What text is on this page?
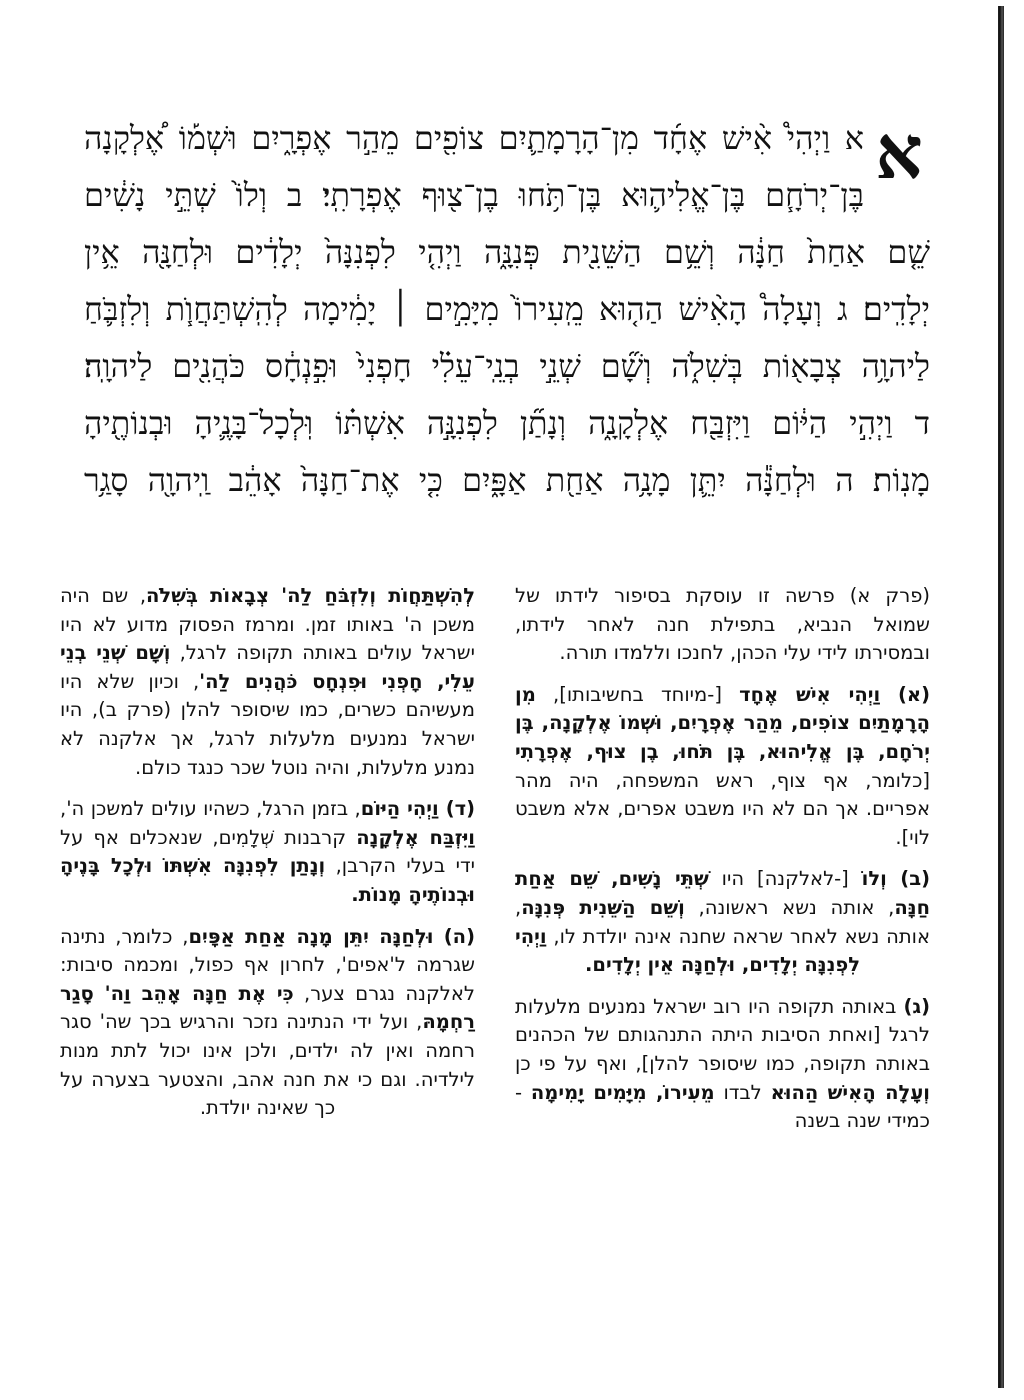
א
א וַיְהִי֩ אִ֨ישׁ אֶחָ֜ד מִן־הָרָמָתַ֛יִם צוֹפִ֖ים מֵהַ֣ר אֶפְרָ֑יִם וּשְׁמ֡וֹ אֶ֠לְקָנָה
בֶּן־יְרֹחָ֧ם בֶּן־אֱלִיה֛וּא בֶּן־תֹּ֥חוּ בֶן־צ֖וּף אֶפְרָתִֽי׃ ב וְלוֹ֙ שְׁתֵּ֣י נָשִׁ֔ים
שֵׁ֤ם אַחַת֙ חַנָּ֔ה וְשֵׁ֥ם הַשֵּׁנִ֖ית פְּנִנָּ֑ה וַיְהִ֤י לִפְנִנָּה֙ יְלָדִ֔ים וּלְחַנָּ֖ה אֵ֥ין
יְלָדִֽים׃ ג וְעָלָה֩ הָאִ֨ישׁ הַה֤וּא מֵֽעִירוֹ֙ מִיָּמִ֣ים ׀ יָמִ֔ימָה לְהִֽשְׁתַּחֲוֺ֧ת וְלִזְבֹּ֛חַ
לַיהוָ֥ה צְבָא֖וֹת בְּשִׁלֹ֑ה וְשָׁ֞ם שְׁנֵ֣י בְנֵֽי־עֵלִ֗י חָפְנִי֙ וּפִ֣נְחָ֔ס כֹּהֲנִ֖ים לַיהוָֽה׃
ד וַיְהִ֣י הַיּ֔וֹם וַיִּזְבַּ֖ח אֶלְקָנָ֑ה וְנָתַ֞ן לִפְנִנָּ֣ה אִשְׁתּ֗וֹ וּֽלְכָל־בָּנֶ֛יהָ וּבְנוֹתֶ֖יהָ
מָנֽוֹת׃ ה וּלְחַנָּ֕ה יִתֵּ֛ן מָנָ֥ה אַחַ֖ת אַפָּ֑יִם כִּ֤י אֶת־חַנָּה֙ אָהֵ֔ב וַֽיהוָ֖ה סָגַ֥ר
(פרק א) פרשה זו עוסקת בסיפור לידתו של שמואל הנביא, בתפילת חנה לאחר לידתו, ובמסירתו לידי עלי הכהן, לחנכו וללמדו תורה.
(א) וַיְהִי אִישׁ אֶחָד [-מיוחד בחשיבותו], מִן הָרָמָתַיִם צוֹפִים, מֵהַר אֶפְרָיִם, וּשְׁמוֹ אֶלְקָנָה, בֶּן יְרֹחָם, בֶּן אֱלִיהוּא, בֶּן תֹּחוּ, בֶן צוּף, אֶפְרָתִי [כלומר, אף צוף, ראש המשפחה, היה מהר אפריים. אך הם לא היו משבט אפרים, אלא משבט לוי].
(ב) וְלוֹ [-לאלקנה] היו שְׁתֵּי נָשִׁים, שֵׁם אַחַת חַנָּה, אותה נשא ראשונה, וְשֵׁם הַשֵּׁנִית פְּנִנָּה, אותה נשא לאחר שראה שחנה אינה יולדת לו, וַיְהִי לִפְנִנָּה יְלָדִים, וּלְחַנָּה אֵין יְלָדִים.
(ג) באותה תקופה היו רוב ישראל נמנעים מלעלות לרגל [ואחת הסיבות היתה התנהגותם של הכהנים באותה תקופה, כמו שיסופר להלן], ואף על פי כן וְעָלָה הָאִישׁ הַהוּא לבדו מֵעִירוֹ, מִיָּמִים יָמִימָה - כמידי שנה בשנה
לְהִשְׁתַּחֲוֺת וְלִזְבֹּחַ לַה' צְבָאוֹת בְּשִׁלֹה, שם היה משכן ה' באותו זמן. ומרמז הפסוק מדוע לא היו ישראל עולים באותה תקופה לרגל, וְשָׁם שְׁנֵי בְנֵי עֵלִי, חָפְנִי וּפִנְחָס כֹּהֲנִים לַה', וכיון שלא היו מעשיהם כשרים, כמו שיסופר להלן (פרק ב), היו ישראל נמנעים מלעלות לרגל, אך אלקנה לא נמנע מלעלות, והיה נוטל שכר כנגד כולם.
(ד) וַיְהִי הַיּוֹם, בזמן הרגל, כשהיו עולים למשכן ה', וַיִּזְבַּח אֶלְקָנָה קרבנות שְׁלָמִים, שנאכלים אף על ידי בעלי הקרבן, וְנָתַן לִפְנִנָּה אִשְׁתּוֹ וּלְכָל בָּנֶיהָ וּבְנוֹתֶיהָ מָנוֹת.
(ה) וּלְחַנָּה יִתֵּן מָנָה אַחַת אַפָּיִם, כלומר, נתינה שגרמה ל'אפים', לחרון אף כפול, ומכמה סיבות: לאלקנה נגרם צער, כִּי אֶת חַנָּה אָהֵב וַה' סָגַר רַחְמָהּ, ועל ידי הנתינה נזכר והרגיש בכך שה' סגר רחמה ואין לה ילדים, ולכן אינו יכול לתת מנות לילדיה. וגם כי את חנה אהב, והצטער בצערה על כך שאינה יולדת.
